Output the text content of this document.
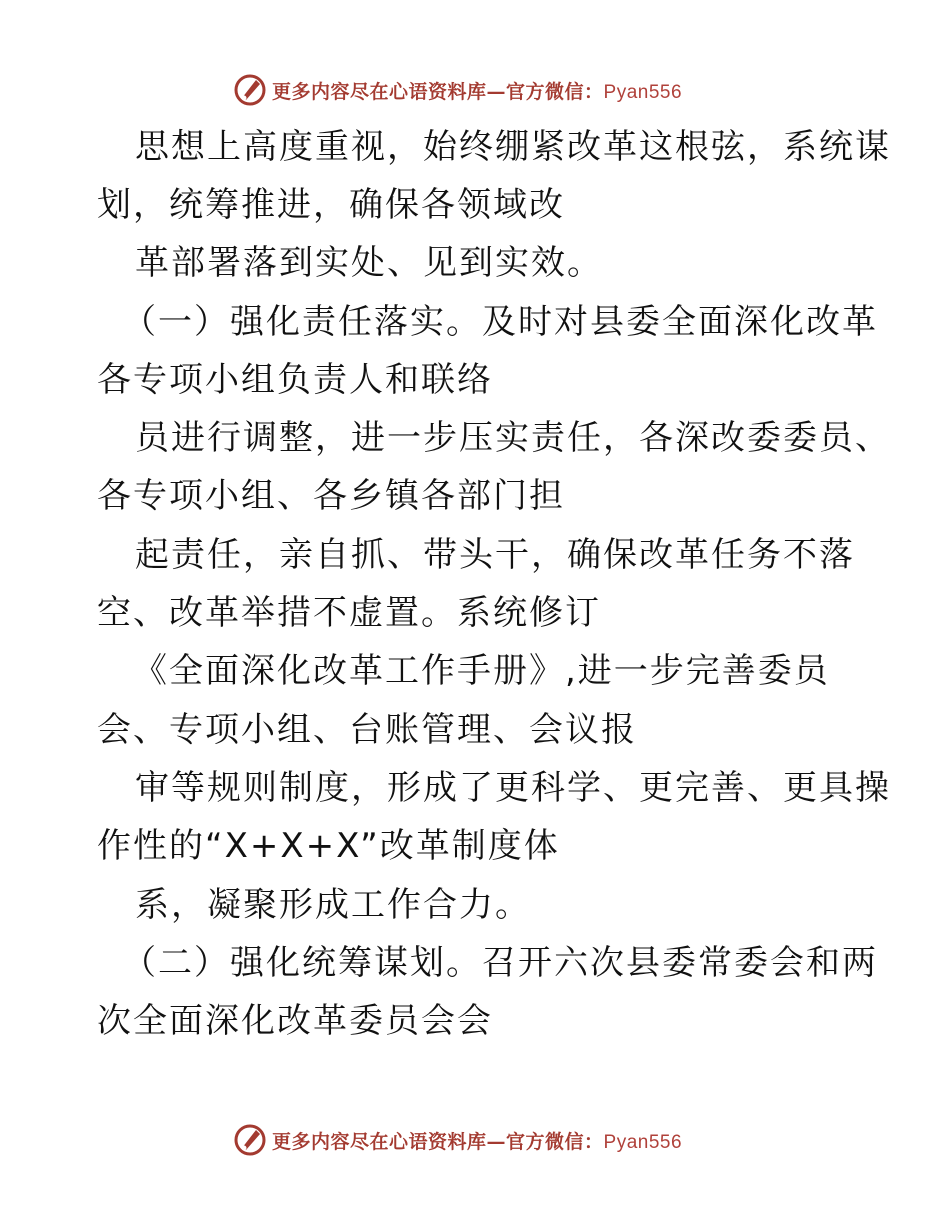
更多内容尽在心语资料库—官方微信：Pyan556
思想上高度重视，始终绷紧改革这根弦，系统谋
划，统筹推进，确保各领域改
革部署落到实处、见到实效。
（一）强化责任落实。及时对县委全面深化改革
各专项小组负责人和联络
员进行调整，进一步压实责任，各深改委委员、
各专项小组、各乡镇各部门担
起责任，亲自抓、带头干，确保改革任务不落
空、改革举措不虚置。系统修订
《全面深化改革工作手册》,进一步完善委员
会、专项小组、台账管理、会议报
审等规则制度，形成了更科学、更完善、更具操
作性的“X+X+X”改革制度体
系，凝聚形成工作合力。
（二）强化统筹谋划。召开六次县委常委会和两
次全面深化改革委员会会
更多内容尽在心语资料库—官方微信：Pyan556
